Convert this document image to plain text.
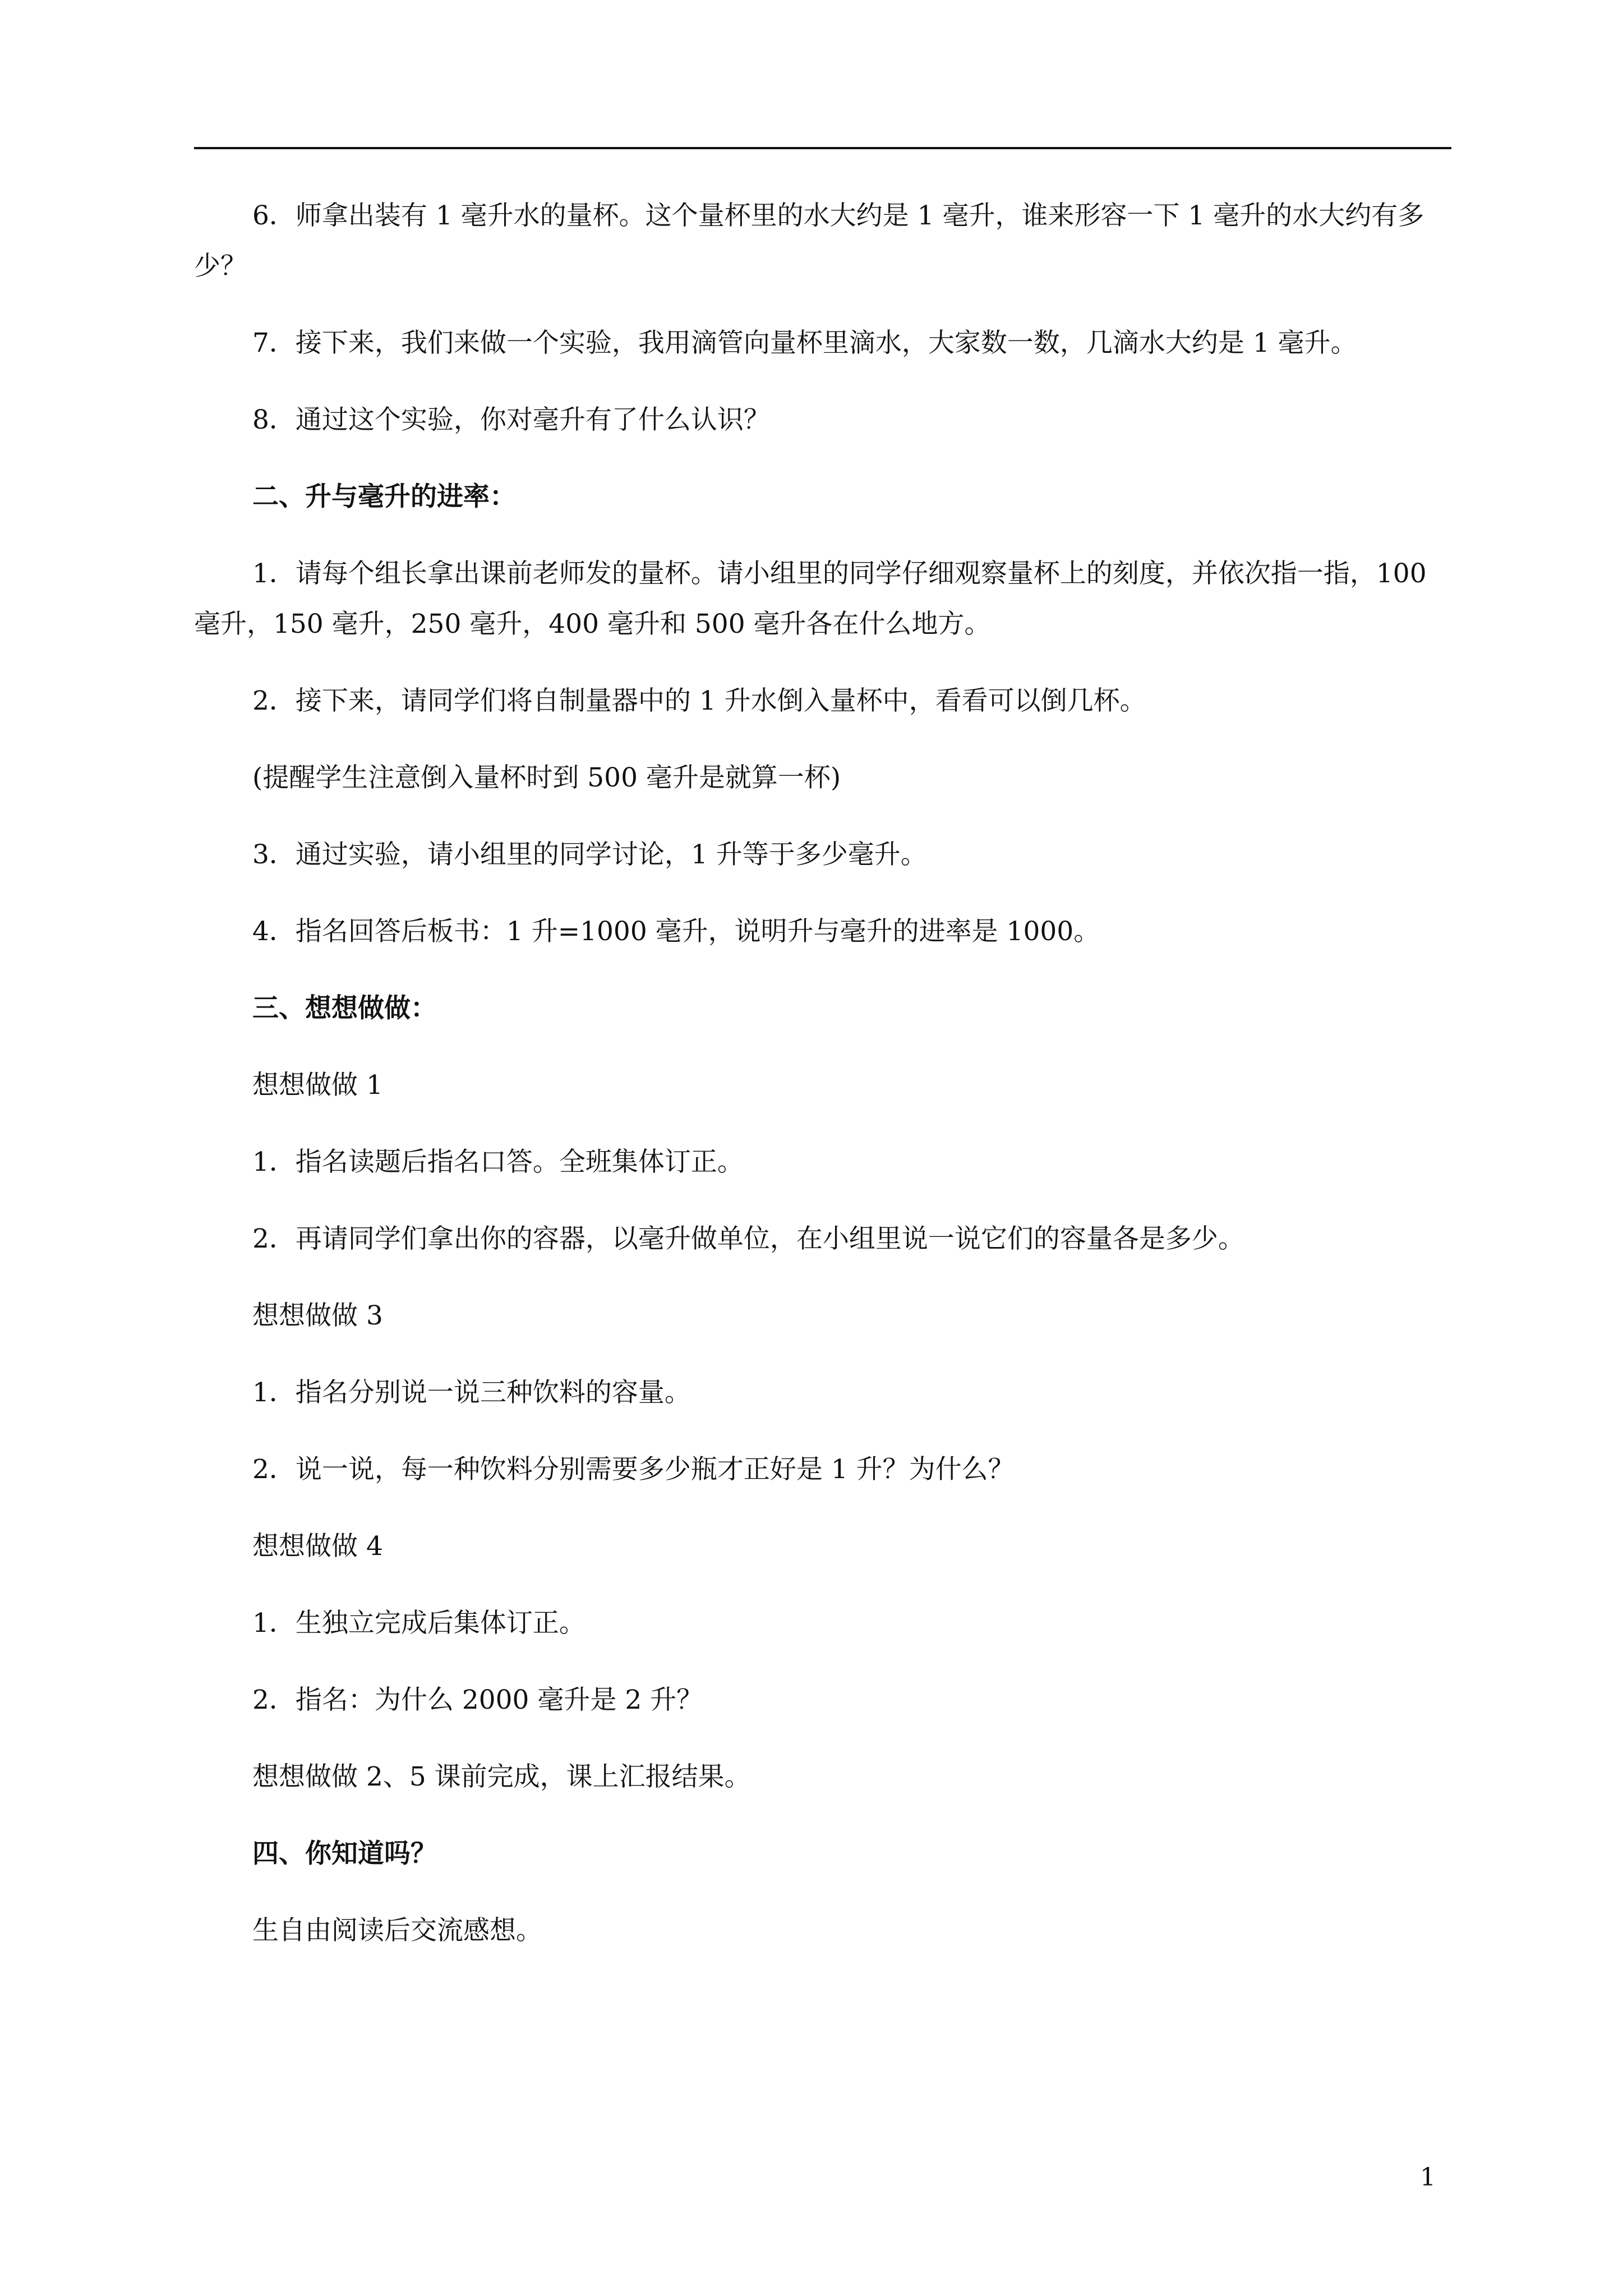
6．师拿出装有 1 毫升水的量杯。这个量杯里的水大约是 1 毫升，谁来形容一下 1 毫升的水大约有多少？

7．接下来，我们来做一个实验，我用滴管向量杯里滴水，大家数一数，几滴水大约是 1 毫升。

8．通过这个实验，你对毫升有了什么认识？

二、升与毫升的进率：

1．请每个组长拿出课前老师发的量杯。请小组里的同学仔细观察量杯上的刻度，并依次指一指，100 毫升，150 毫升，250 毫升，400 毫升和 500 毫升各在什么地方。

2．接下来，请同学们将自制量器中的 1 升水倒入量杯中，看看可以倒几杯。

(提醒学生注意倒入量杯时到 500 毫升是就算一杯)

3．通过实验，请小组里的同学讨论，1 升等于多少毫升。

4．指名回答后板书：1 升=1000 毫升，说明升与毫升的进率是 1000。

三、想想做做：

想想做做 1

1．指名读题后指名口答。全班集体订正。

2．再请同学们拿出你的容器，以毫升做单位，在小组里说一说它们的容量各是多少。

想想做做 3

1．指名分别说一说三种饮料的容量。

2．说一说，每一种饮料分别需要多少瓶才正好是 1 升？为什么？

想想做做 4

1．生独立完成后集体订正。

2．指名：为什么 2000 毫升是 2 升？

想想做做 2、5 课前完成，课上汇报结果。

四、你知道吗？

生自由阅读后交流感想。

1
